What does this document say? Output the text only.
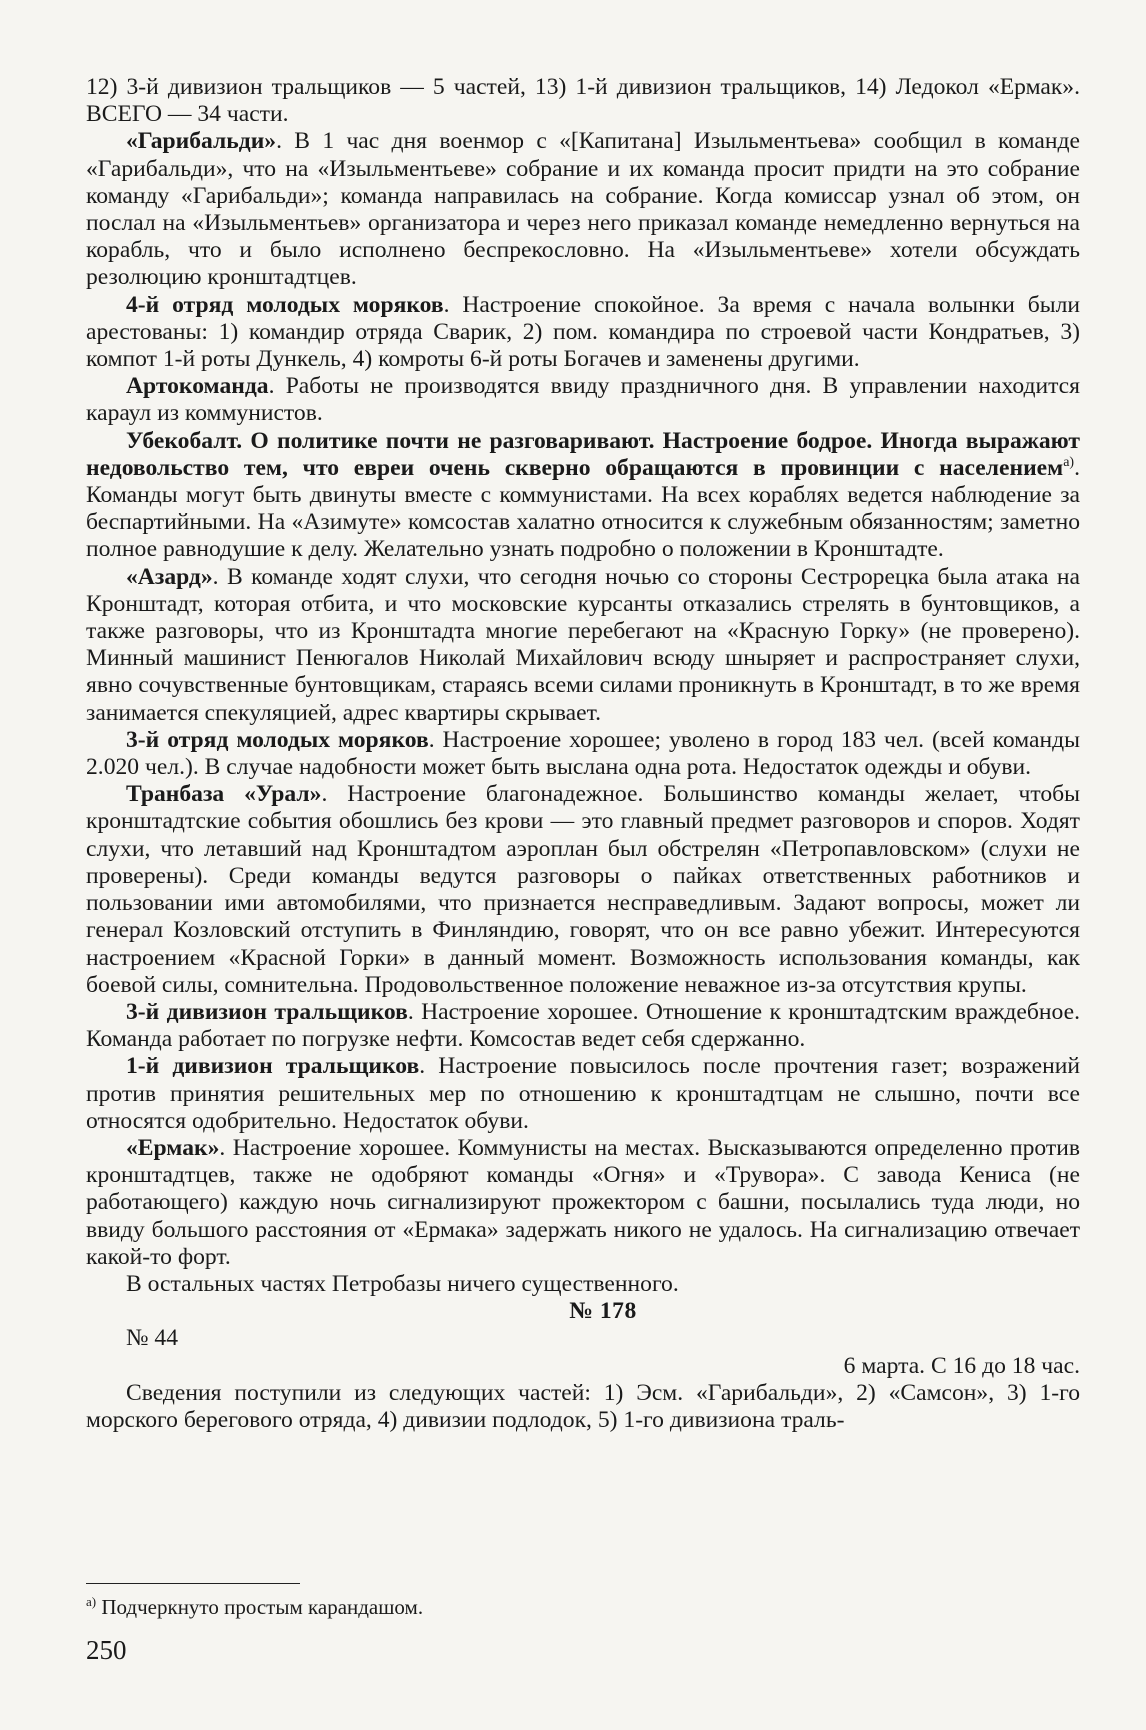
12) 3-й дивизион тральщиков — 5 частей, 13) 1-й дивизион тральщиков, 14) Ледокол «Ермак». ВСЕГО — 34 части.

«Гарибальди». В 1 час дня военмор с «[Капитана] Изыльментьева» сообщил в команде «Гарибальди», что на «Изыльментьеве» собрание и их команда просит придти на это собрание команду «Гарибальди»; команда направилась на собрание. Когда комиссар узнал об этом, он послал на «Изыльментьев» организатора и через него приказал команде немедленно вернуться на корабль, что и было исполнено беспрекословно. На «Изыльментьеве» хотели обсуждать резолюцию кронштадтцев.

4-й отряд молодых моряков. Настроение спокойное. За время с начала волынки были арестованы: 1) командир отряда Сварик, 2) пом. командира по строевой части Кондратьев, 3) компот 1-й роты Дункель, 4) комроты 6-й роты Богачев и заменены другими.

Артокоманда. Работы не производятся ввиду праздничного дня. В управлении находится караул из коммунистов.

Убекобалт. О политике почти не разговаривают. Настроение бодрое. Иногда выражают недовольство тем, что евреи очень скверно обращаются в провинции с населением$^{а)}$. Команды могут быть двинуты вместе с коммунистами. На всех кораблях ведется наблюдение за беспартийными. На «Азимуте» комсостав халатно относится к служебным обязанностям; заметно полное равнодушие к делу. Желательно узнать подробно о положении в Кронштадте.

«Азард». В команде ходят слухи, что сегодня ночью со стороны Сестрорецка была атака на Кронштадт, которая отбита, и что московские курсанты отказались стрелять в бунтовщиков, а также разговоры, что из Кронштадта многие перебегают на «Красную Горку» (не проверено). Минный машинист Пенюгалов Николай Михайлович всюду шныряет и распространяет слухи, явно сочувственные бунтовщикам, стараясь всеми силами проникнуть в Кронштадт, в то же время занимается спекуляцией, адрес квартиры скрывает.

3-й отряд молодых моряков. Настроение хорошее; уволено в город 183 чел. (всей команды 2.020 чел.). В случае надобности может быть выслана одна рота. Недостаток одежды и обуви.

Транбаза «Урал». Настроение благонадежное. Большинство команды желает, чтобы кронштадтские события обошлись без крови — это главный предмет разговоров и споров. Ходят слухи, что летавший над Кронштадтом аэроплан был обстрелян «Петропавловском» (слухи не проверены). Среди команды ведутся разговоры о пайках ответственных работников и пользовании ими автомобилями, что признается несправедливым. Задают вопросы, может ли генерал Козловский отступить в Финляндию, говорят, что он все равно убежит. Интересуются настроением «Красной Горки» в данный момент. Возможность использования команды, как боевой силы, сомнительна. Продовольственное положение неважное из-за отсутствия крупы.

3-й дивизион тральщиков. Настроение хорошее. Отношение к кронштадтским враждебное. Команда работает по погрузке нефти. Комсостав ведет себя сдержанно.

1-й дивизион тральщиков. Настроение повысилось после прочтения газет; возражений против принятия решительных мер по отношению к кронштадтцам не слышно, почти все относятся одобрительно. Недостаток обуви.

«Ермак». Настроение хорошее. Коммунисты на местах. Высказываются определенно против кронштадтцев, также не одобряют команды «Огня» и «Трувора». С завода Кениса (не работающего) каждую ночь сигнализируют прожектором с башни, посылались туда люди, но ввиду большого расстояния от «Ермака» задержать никого не удалось. На сигнализацию отвечает какой-то форт.

В остальных частях Петробазы ничего существенного.

№ 178

№ 44

6 марта. С 16 до 18 час.

Сведения поступили из следующих частей: 1) Эсм. «Гарибальди», 2) «Самсон», 3) 1-го морского берегового отряда, 4) дивизии подлодок, 5) 1-го дивизиона траль-

$^{а)}$ Подчеркнуто простым карандашом.
250
